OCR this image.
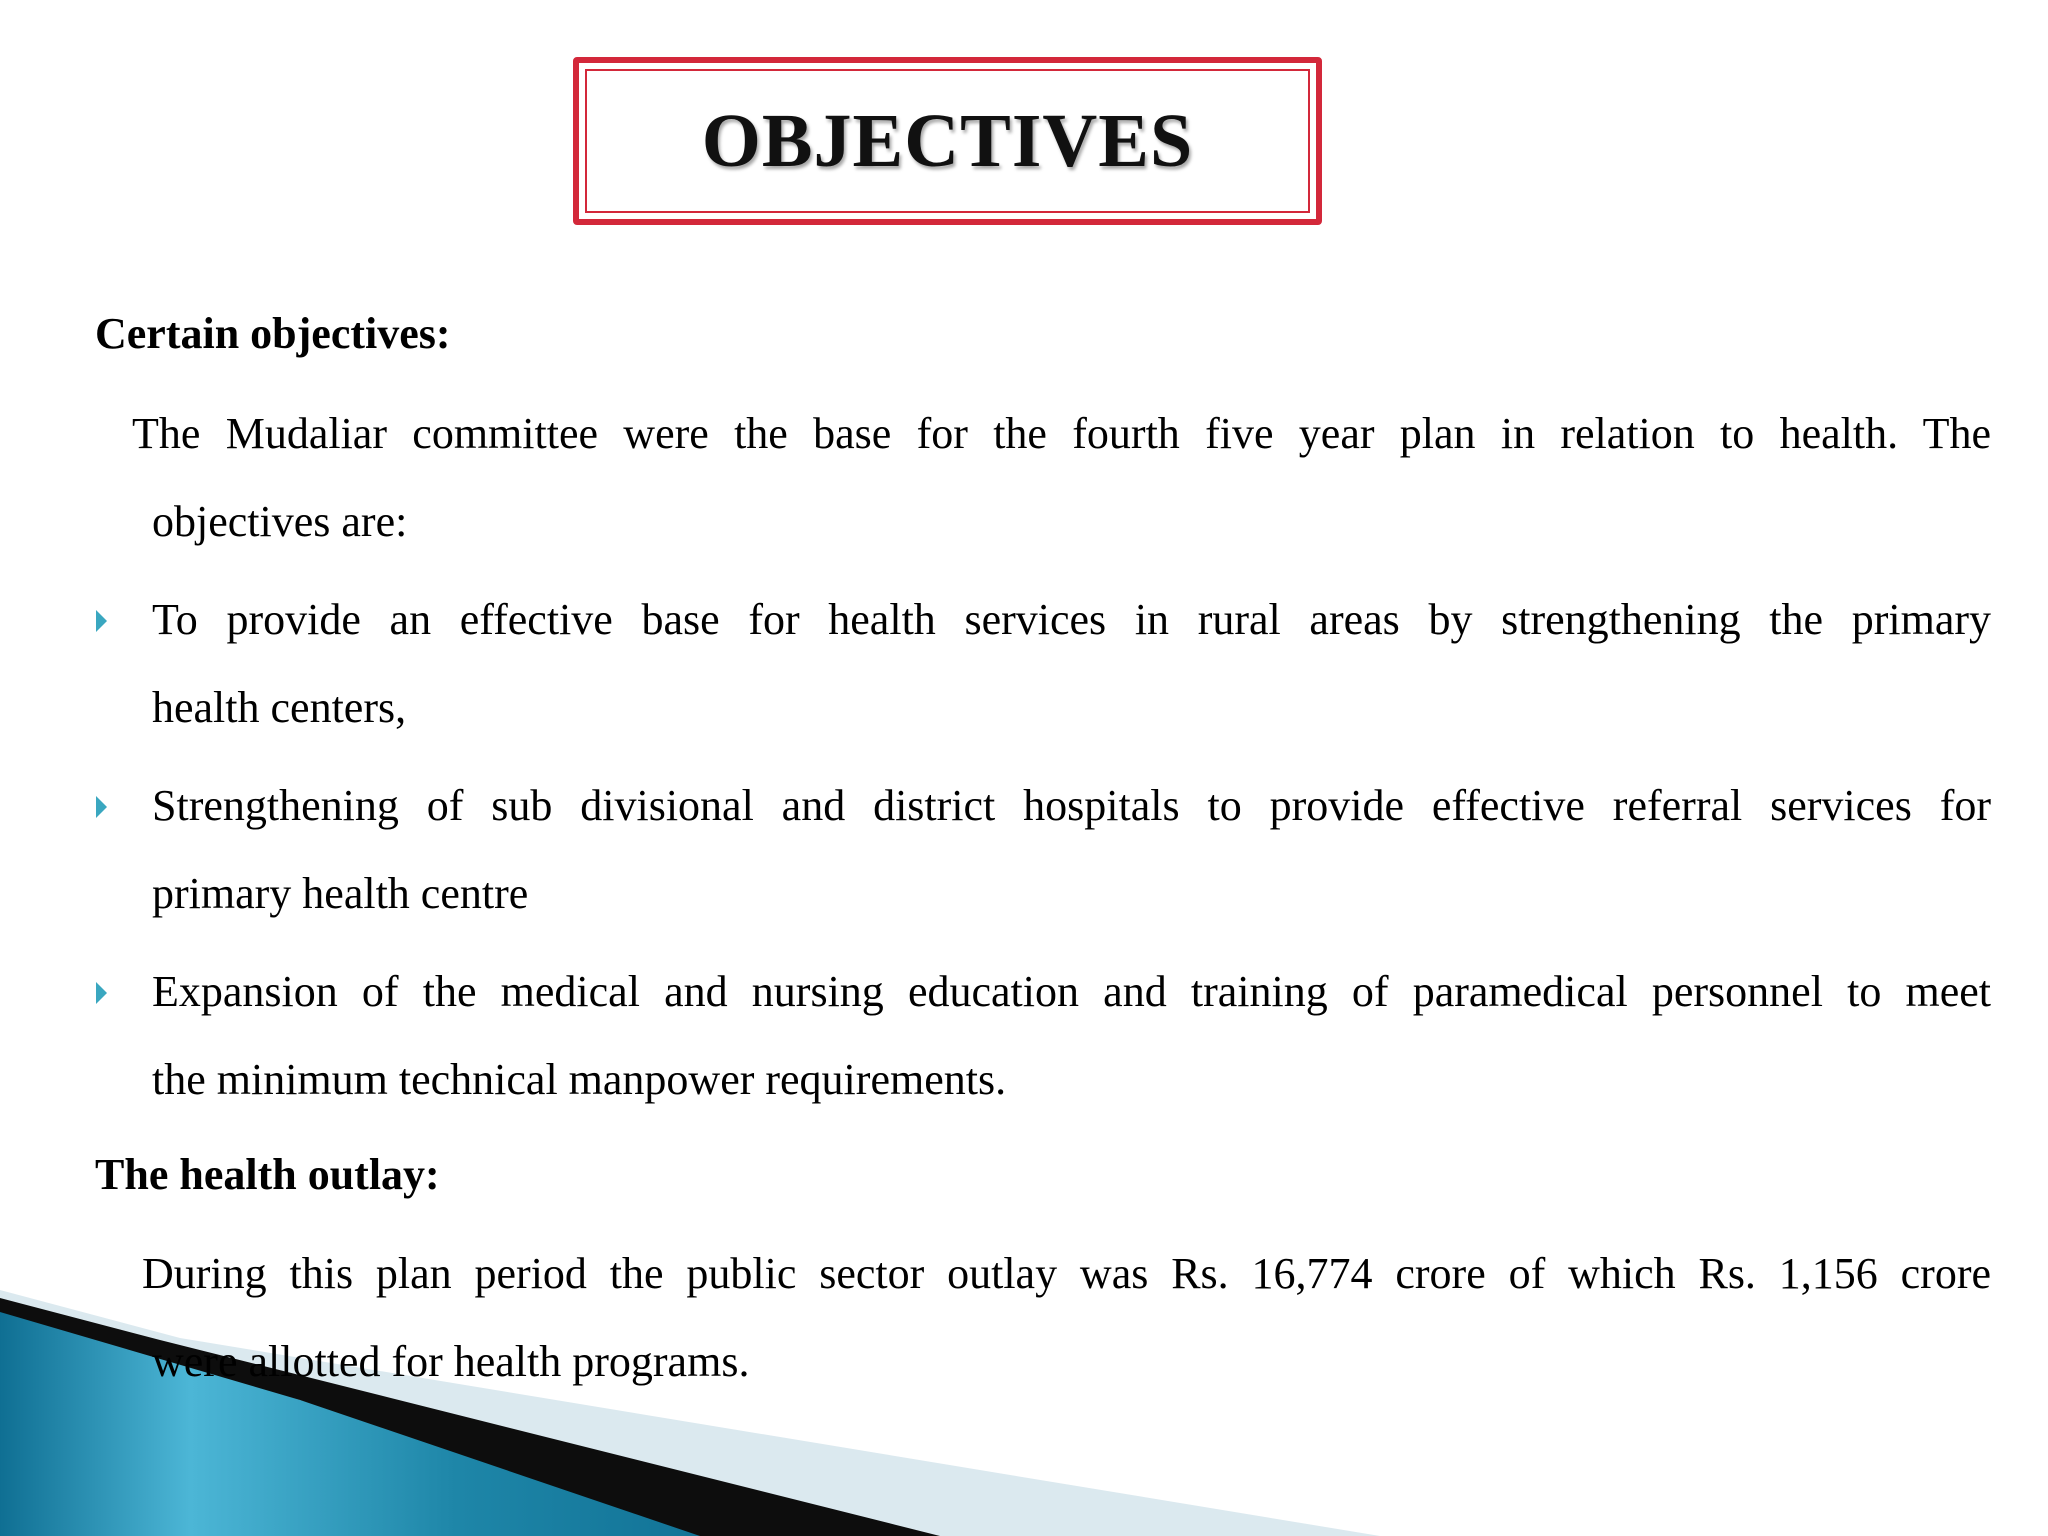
OBJECTIVES
Certain objectives:
The Mudaliar committee were the base for the fourth five year plan in relation to health. The
objectives are:
To provide an effective base for health services in rural areas by strengthening the primary
health centers,
Strengthening of sub divisional and district hospitals to provide effective referral services for
primary health centre
Expansion of the medical and nursing education and training of paramedical personnel to meet
the minimum technical manpower requirements.
The health outlay:
During this plan period the public sector outlay was Rs. 16,774 crore of which Rs. 1,156 crore
were allotted for health programs.
